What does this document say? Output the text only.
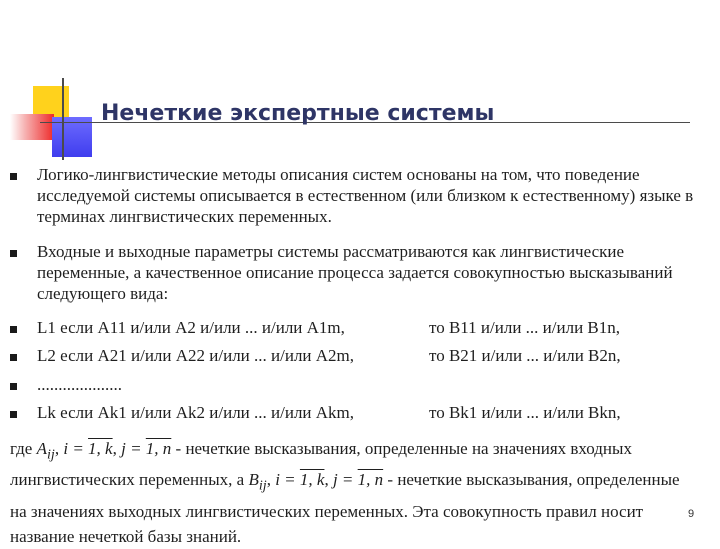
Нечеткие экспертные системы

Логико-лингвистические методы описания систем основаны на том, что поведение исследуемой системы описывается в естественном (или близком к естественному) языке в терминах лингвистических переменных.

Входные и выходные параметры системы рассматриваются как лингвистические переменные, а качественное описание процесса задается совокупностью высказываний следующего вида:

L1 если A11 и/или A2 и/или ... и/или A1m,	то B11 и/или ... и/или B1n,
L2 если A21 и/или A22 и/или ... и/или A2m,	то B21 и/или ... и/или B2n,
....................
Lk если Ak1 и/или Ak2 и/или ... и/или Akm,	то Bk1 и/или ... и/или Bkn,

где $A_{ij}$, i = 1, k, j = 1, n - нечеткие высказывания, определенные на значениях входных лингвистических переменных, а $B_{ij}$, i = 1, k, j = 1, n - нечеткие высказывания, определенные на значениях выходных лингвистических переменных. Эта совокупность правил носит название нечеткой базы знаний.

9
